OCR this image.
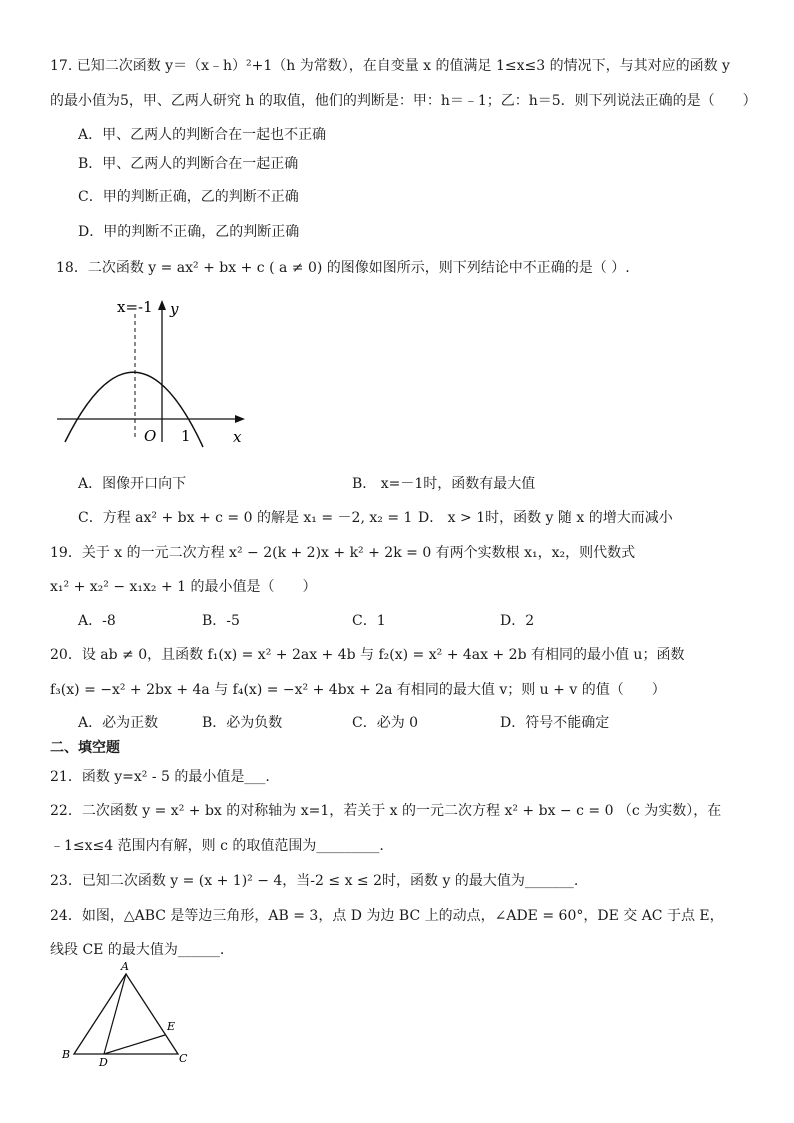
17. 已知二次函数 y＝（x﹣h）²+1（h 为常数），在自变量 x 的值满足 1≤x≤3 的情况下，与其对应的函数 y
的最小值为5，甲、乙两人研究 h 的取值，他们的判断是：甲：h＝﹣1；乙：h＝5．则下列说法正确的是（　　）
A．甲、乙两人的判断合在一起也不正确
B．甲、乙两人的判断合在一起正确
C．甲的判断正确，乙的判断不正确
D．甲的判断不正确，乙的判断正确
18．二次函数 y = ax² + bx + c ( a ≠ 0) 的图像如图所示，则下列结论中不正确的是（ ）.
x=-1 y
x
O 1
A．图像开口向下	B． x=－1时，函数有最大值
C．方程 ax² + bx + c = 0 的解是 x₁ = －2, x₂ = 1 D． x > 1时，函数 y 随 x 的增大而减小
19．关于 x 的一元二次方程 x² − 2(k + 2)x + k² + 2k = 0 有两个实数根 x₁，x₂，则代数式
x₁² + x₂² − x₁x₂ + 1 的最小值是（　　）
A．-8	B．-5	C．1	D．2
20．设 ab ≠ 0，且函数 f₁(x) = x² + 2ax + 4b 与 f₂(x) = x² + 4ax + 2b 有相同的最小值 u；函数
f₃(x) = −x² + 2bx + 4a 与 f₄(x) = −x² + 4bx + 2a 有相同的最大值 v；则 u + v 的值（　　）
A．必为正数	B．必为负数	C．必为 0	D．符号不能确定
二、填空题
21．函数 y=x² - 5 的最小值是___.
22．二次函数 y = x² + bx 的对称轴为 x=1，若关于 x 的一元二次方程 x² + bx − c = 0 （c 为实数），在
﹣1≤x≤4 范围内有解，则 c 的取值范围为_________.
23．已知二次函数 y = (x + 1)² − 4，当-2 ≤ x ≤ 2时，函数 y 的最大值为_______.
24．如图，△ABC 是等边三角形，AB = 3，点 D 为边 BC 上的动点，∠ADE = 60°，DE 交 AC 于点 E，
线段 CE 的最大值为______.
A
B	C
D
E
